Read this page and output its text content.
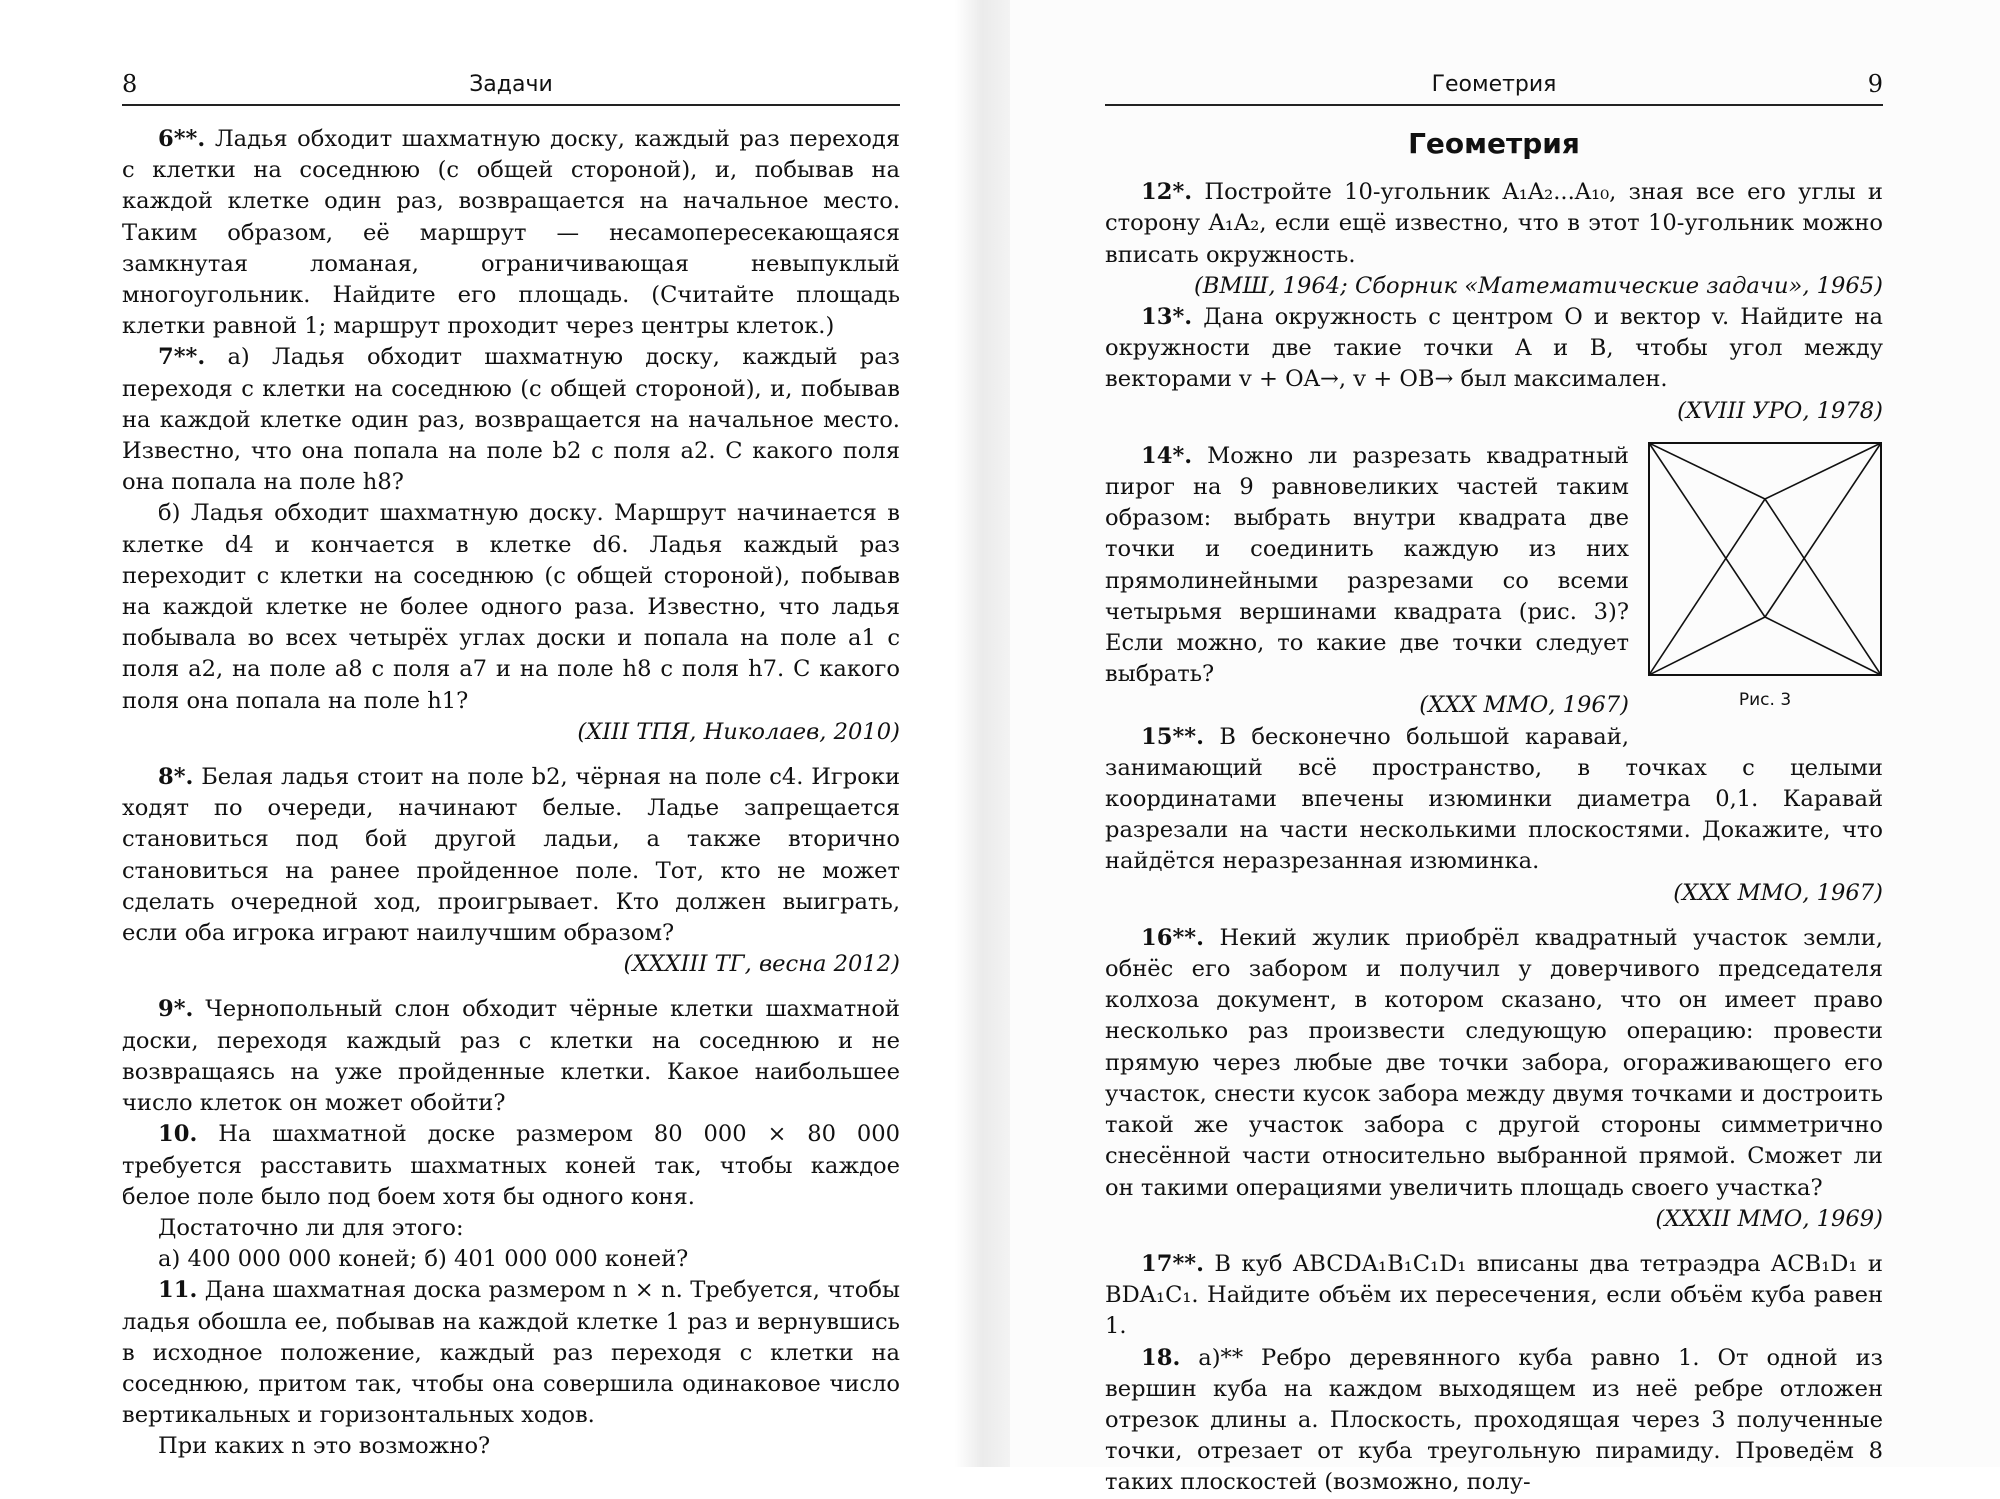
8	Задачи

6**. Ладья обходит шахматную доску, каждый раз переходя с клетки на соседнюю (с общей стороной), и, побывав на каждой клетке один раз, возвращается на начальное место. Таким образом, её маршрут — несамопересекающаяся замкнутая ломаная, ограничивающая невыпуклый многоугольник. Найдите его площадь. (Считайте площадь клетки равной 1; маршрут проходит через центры клеток.)

7**. а) Ладья обходит шахматную доску, каждый раз переходя с клетки на соседнюю (с общей стороной), и, побывав на каждой клетке один раз, возвращается на начальное место. Известно, что она попала на поле b2 с поля a2. С какого поля она попала на поле h8?

б) Ладья обходит шахматную доску. Маршрут начинается в клетке d4 и кончается в клетке d6. Ладья каждый раз переходит с клетки на соседнюю (с общей стороной), побывав на каждой клетке не более одного раза. Известно, что ладья побывала во всех четырёх углах доски и попала на поле a1 с поля a2, на поле a8 с поля a7 и на поле h8 с поля h7. С какого поля она попала на поле h1?

(XIII ТПЯ, Николаев, 2010)

8*. Белая ладья стоит на поле b2, чёрная на поле c4. Игроки ходят по очереди, начинают белые. Ладье запрещается становиться под бой другой ладьи, а также вторично становиться на ранее пройденное поле. Тот, кто не может сделать очередной ход, проигрывает. Кто должен выиграть, если оба игрока играют наилучшим образом?

(XXXIII ТГ, весна 2012)

9*. Чернопольный слон обходит чёрные клетки шахматной доски, переходя каждый раз с клетки на соседнюю и не возвращаясь на уже пройденные клетки. Какое наибольшее число клеток он может обойти?

10. На шахматной доске размером 80 000 × 80 000 требуется расставить шахматных коней так, чтобы каждое белое поле было под боем хотя бы одного коня.

Достаточно ли для этого:

а) 400 000 000 коней; б) 401 000 000 коней?

11. Дана шахматная доска размером n × n. Требуется, чтобы ладья обошла ее, побывав на каждой клетке 1 раз и вернувшись в исходное положение, каждый раз переходя с клетки на соседнюю, притом так, чтобы она совершила одинаковое число вертикальных и горизонтальных ходов.

При каких n это возможно?

Геометрия	9

Геометрия

12*. Постройте 10-угольник A₁A₂...A₁₀, зная все его углы и сторону A₁A₂, если ещё известно, что в этот 10-угольник можно вписать окружность.

(ВМШ, 1964; Сборник «Математические задачи», 1965)

13*. Дана окружность с центром O и вектор v. Найдите на окружности две такие точки A и B, чтобы угол между векторами v + OA→, v + OB→ был максимален.

(XVIII УРО, 1978)

Рис. 3

14*. Можно ли разрезать квадратный пирог на 9 равновеликих частей таким образом: выбрать внутри квадрата две точки и соединить каждую из них прямолинейными разрезами со всеми четырьмя вершинами квадрата (рис. 3)? Если можно, то какие две точки следует выбрать?

(XXX ММО, 1967)

15**. В бесконечно большой каравай, занимающий всё пространство, в точках с целыми координатами впечены изюминки диаметра 0,1. Каравай разрезали на части несколькими плоскостями. Докажите, что найдётся неразрезанная изюминка.

(XXX ММО, 1967)

16**. Некий жулик приобрёл квадратный участок земли, обнёс его забором и получил у доверчивого председателя колхоза документ, в котором сказано, что он имеет право несколько раз произвести следующую операцию: провести прямую через любые две точки забора, огораживающего его участок, снести кусок забора между двумя точками и достроить такой же участок забора с другой стороны симметрично снесённой части относительно выбранной прямой. Сможет ли он такими операциями увеличить площадь своего участка?

(XXXII ММО, 1969)

17**. В куб ABCDA₁B₁C₁D₁ вписаны два тетраэдра ACB₁D₁ и BDA₁C₁. Найдите объём их пересечения, если объём куба равен 1.

18. а)** Ребро деревянного куба равно 1. От одной из вершин куба на каждом выходящем из неё ребре отложен отрезок длины a. Плоскость, проходящая через 3 полученные точки, отрезает от куба треугольную пирамиду. Проведём 8 таких плоскостей (возможно, полу-
